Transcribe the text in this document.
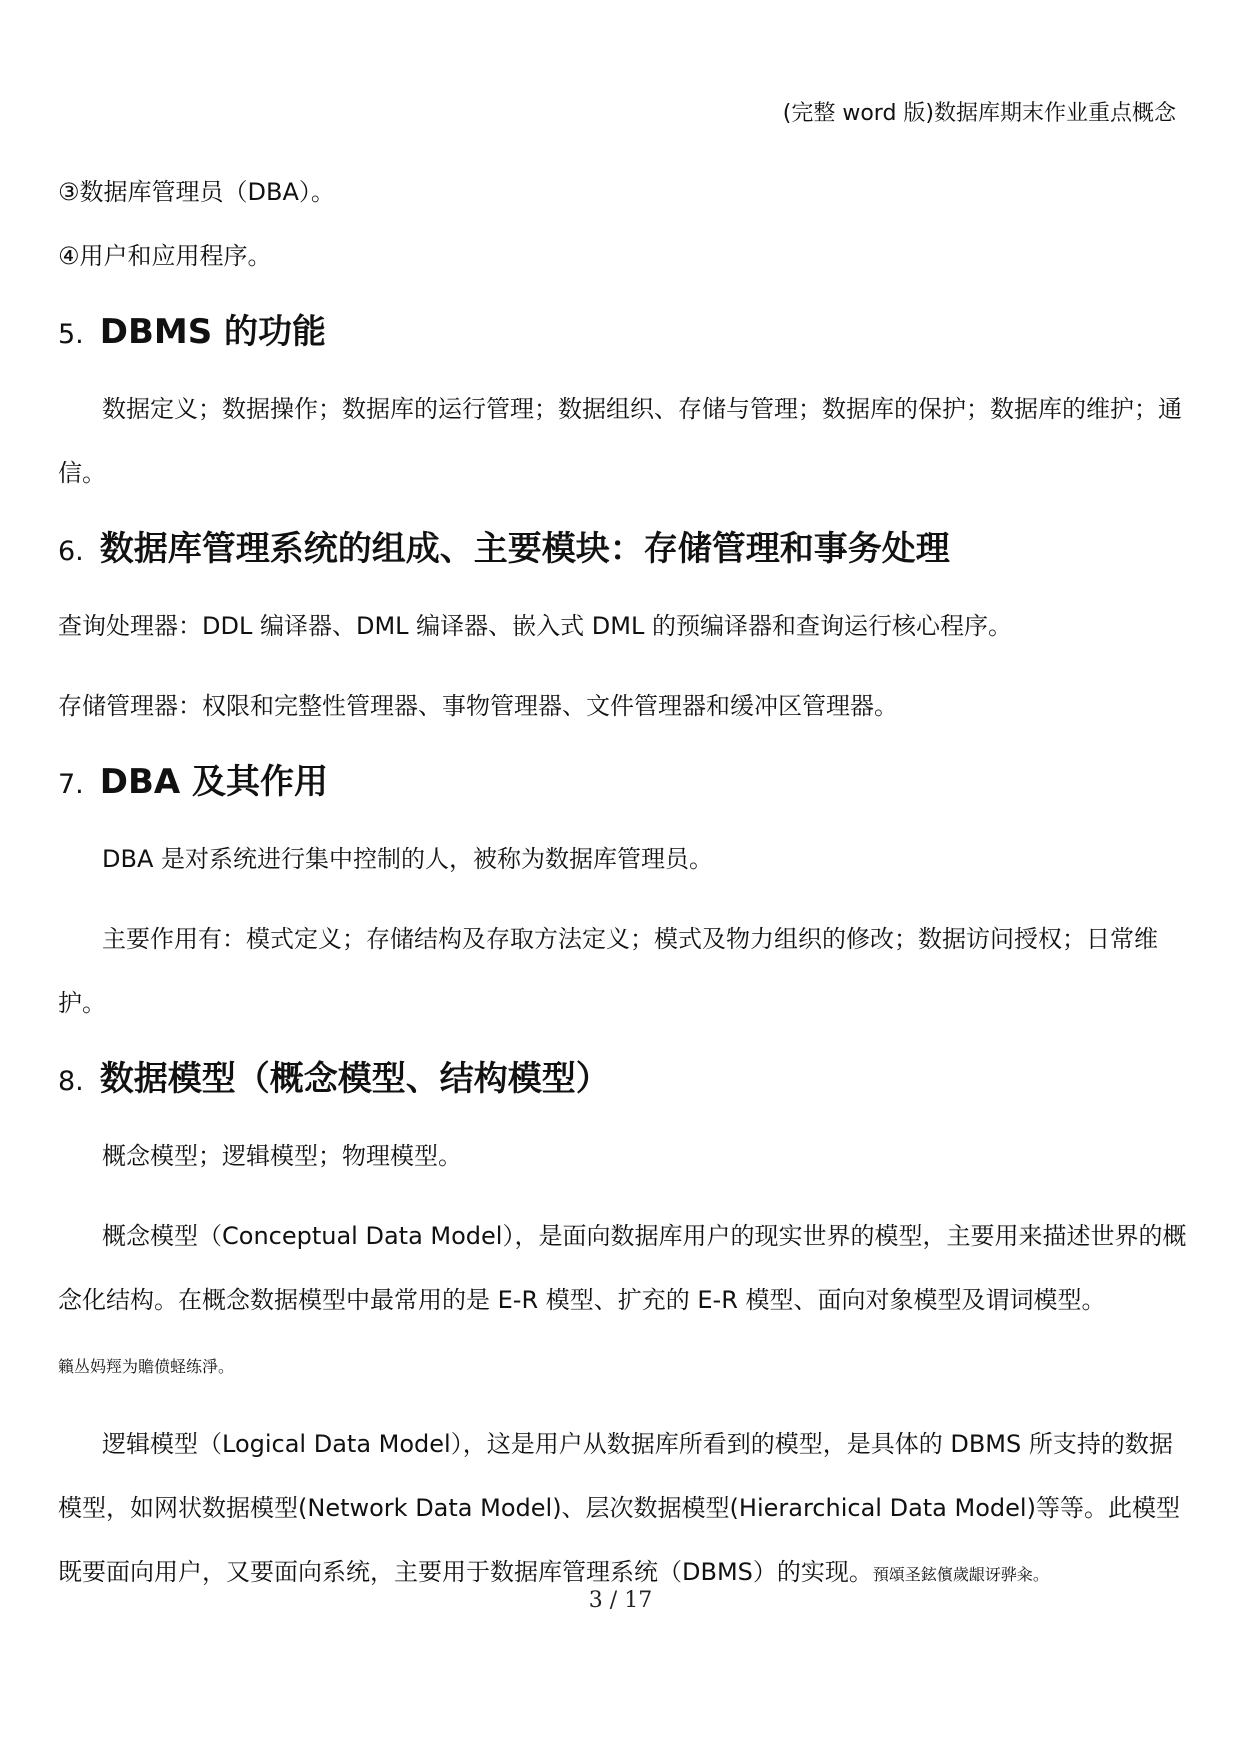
(完整 word 版)数据库期末作业重点概念

③数据库管理员（DBA）。

④用户和应用程序。

5. DBMS 的功能

数据定义；数据操作；数据库的运行管理；数据组织、存储与管理；数据库的保护；数据库的维护；通信。

6. 数据库管理系统的组成、主要模块：存储管理和事务处理

查询处理器：DDL 编译器、DML 编译器、嵌入式 DML 的预编译器和查询运行核心程序。

存储管理器：权限和完整性管理器、事物管理器、文件管理器和缓冲区管理器。

7. DBA 及其作用

DBA 是对系统进行集中控制的人，被称为数据库管理员。

主要作用有：模式定义；存储结构及存取方法定义；模式及物力组织的修改；数据访问授权；日常维护。

8. 数据模型（概念模型、结构模型）

概念模型；逻辑模型；物理模型。

概念模型（Conceptual Data Model），是面向数据库用户的现实世界的模型，主要用来描述世界的概念化结构。在概念数据模型中最常用的是 E-R 模型、扩充的 E-R 模型、面向对象模型及谓词模型。
籟丛妈羥为贍偾蛏练淨。

逻辑模型（Logical Data Model），这是用户从数据库所看到的模型，是具体的 DBMS 所支持的数据模型，如网状数据模型(Network Data Model)、层次数据模型(Hierarchical Data Model)等等。此模型既要面向用户，又要面向系统，主要用于数据库管理系统（DBMS）的实现。預頌圣鉉儐歲龈讶骅籴。

3 / 17
